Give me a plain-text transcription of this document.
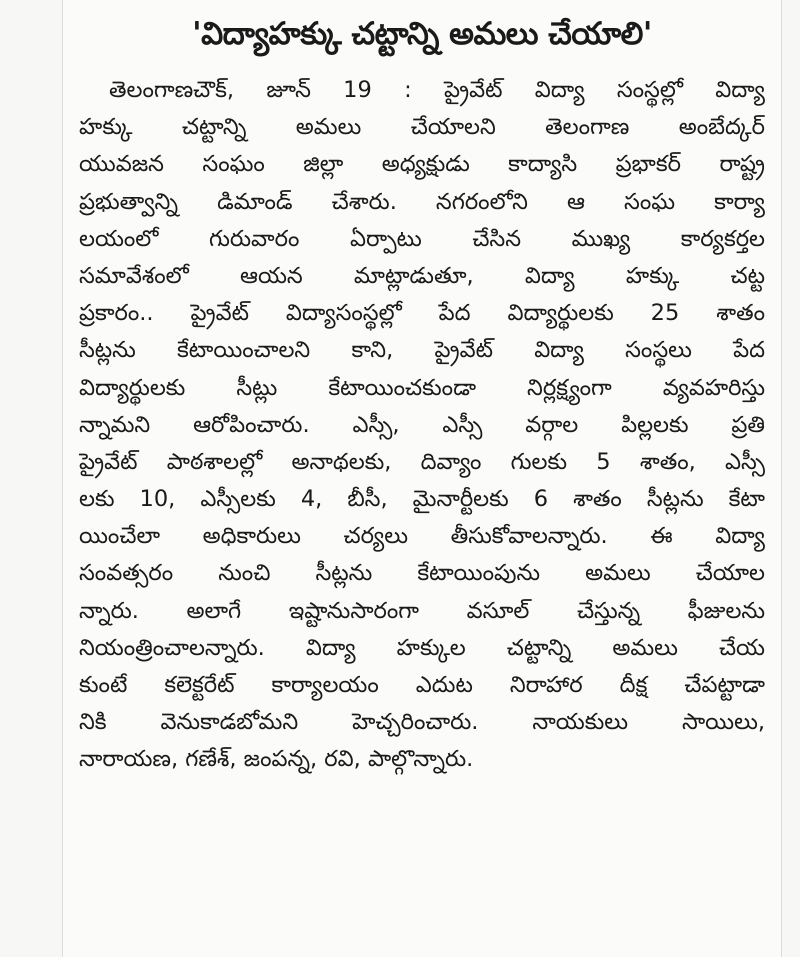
'విద్యాహక్కు చట్టాన్ని అమలు చేయాలి'
తెలంగాణచౌక్, జూన్ 19 : ప్రైవేట్ విద్యా సంస్థల్లో విద్యా
హక్కు చట్టాన్ని అమలు చేయాలని తెలంగాణ అంబేద్కర్
యువజన సంఘం జిల్లా అధ్యక్షుడు కాద్యాసి ప్రభాకర్ రాష్ట్ర
ప్రభుత్వాన్ని డిమాండ్ చేశారు. నగరంలోని ఆ సంఘ కార్యా
లయంలో గురువారం ఏర్పాటు చేసిన ముఖ్య కార్యకర్తల
సమావేశంలో ఆయన మాట్లాడుతూ, విద్యా హక్కు చట్ట
ప్రకారం.. ప్రైవేట్ విద్యాసంస్థల్లో పేద విద్యార్థులకు 25 శాతం
సీట్లను కేటాయించాలని కాని, ప్రైవేట్ విద్యా సంస్థలు పేద
విద్యార్థులకు సీట్లు కేటాయించకుండా నిర్లక్ష్యంగా వ్యవహరిస్తు
న్నామని ఆరోపించారు. ఎస్సీ, ఎస్సీ వర్గాల పిల్లలకు ప్రతి
ప్రైవేట్ పాఠశాలల్లో అనాథలకు, దివ్యాం గులకు 5 శాతం, ఎస్సీ
లకు 10, ఎస్సీలకు 4, బీసీ, మైనార్టీలకు 6 శాతం సీట్లను కేటా
యించేలా అధికారులు చర్యలు తీసుకోవాలన్నారు. ఈ విద్యా
సంవత్సరం నుంచి సీట్లను కేటాయింపును అమలు చేయాల
న్నారు. అలాగే ఇష్టానుసారంగా వసూల్ చేస్తున్న ఫీజులను
నియంత్రించాలన్నారు. విద్యా హక్కుల చట్టాన్ని అమలు చేయ
కుంటే కలెక్టరేట్ కార్యాలయం ఎదుట నిరాహార దీక్ష చేపట్టాడా
నికి వెనుకాడబోమని హెచ్చరించారు. నాయకులు సాయిలు,
నారాయణ, గణేశ్, జంపన్న, రవి, పాల్గొన్నారు.
